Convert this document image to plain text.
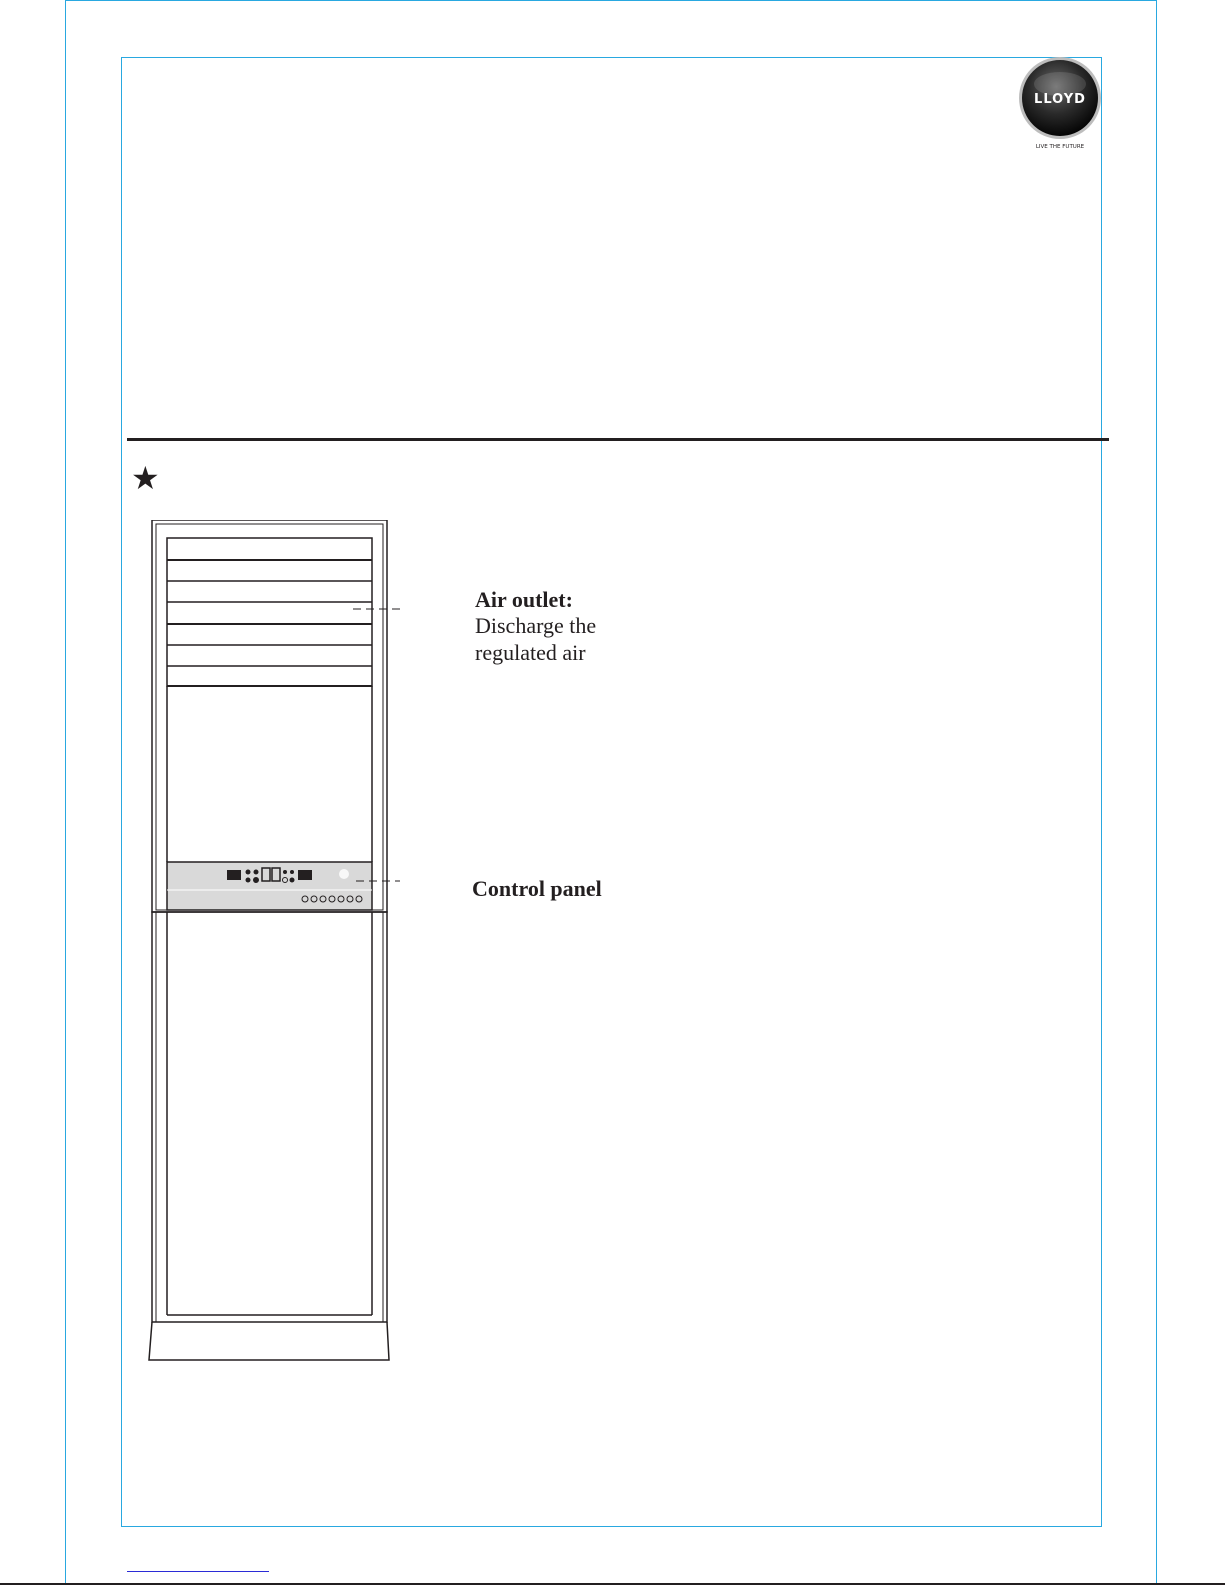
LLOYD
LIVE THE FUTURE
★
Air outlet:
Discharge the
regulated air
Control panel
